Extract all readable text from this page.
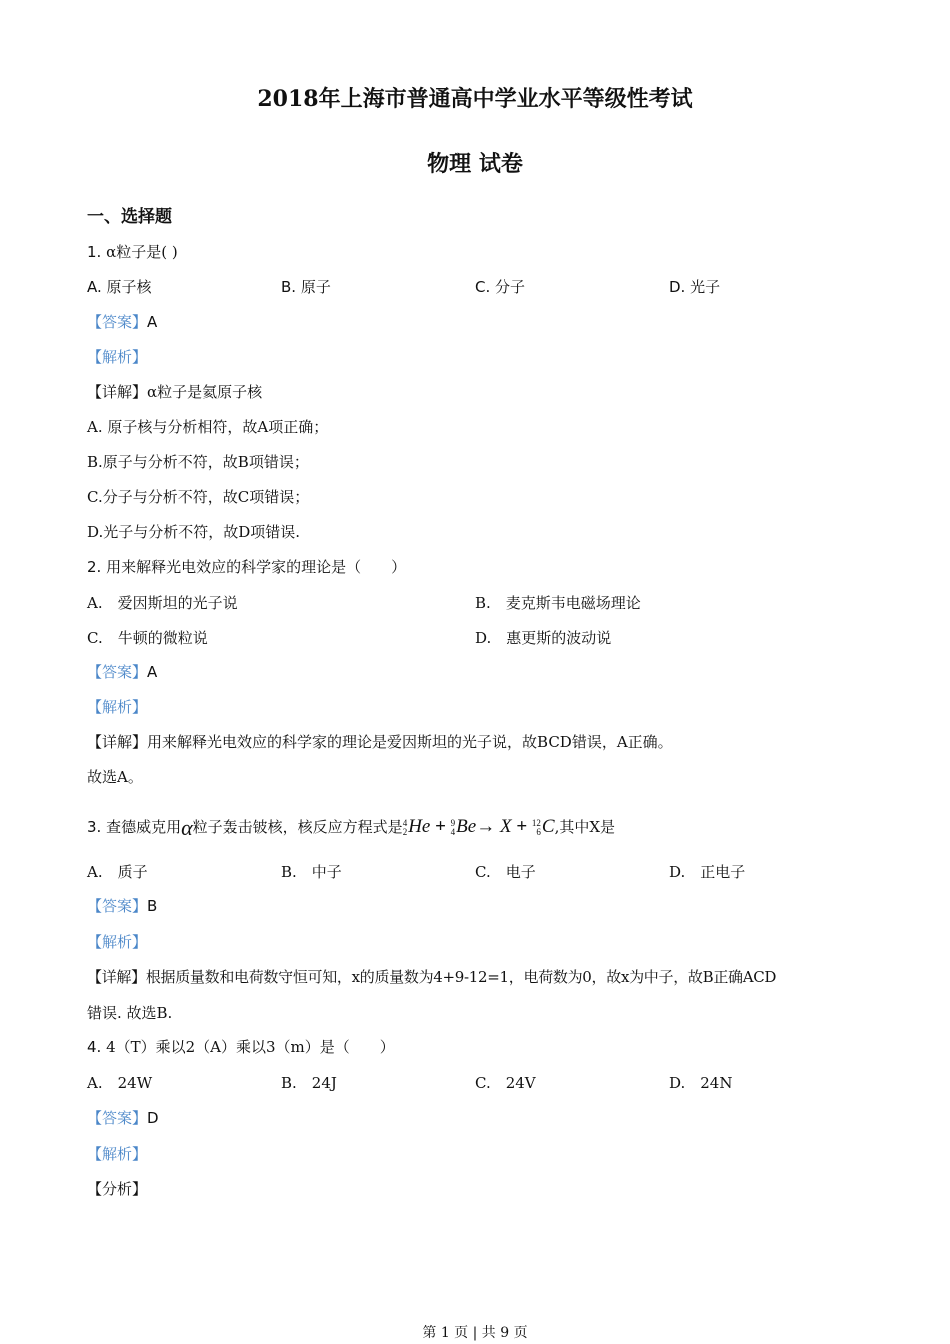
2018年上海市普通高中学业水平等级性考试
物理 试卷
一、选择题
1. α粒子是( )
A. 原子核	B. 原子	C. 分子	D. 光子
【答案】A
【解析】
【详解】α粒子是氦原子核
A. 原子核与分析相符，故A项正确；
B.原子与分析不符，故B项错误；
C.分子与分析不符，故C项错误；
D.光子与分析不符，故D项错误.
2. 用来解释光电效应的科学家的理论是（　　）
A.　爱因斯坦的光子说	B.　麦克斯韦电磁场理论
C.　牛顿的微粒说	D.　惠更斯的波动说
【答案】A
【解析】
【详解】用来解释光电效应的科学家的理论是爱因斯坦的光子说，故BCD错误，A正确。
故选A。
3. 查德威克用α粒子轰击铍核，核反应方程式是4
2He + 9
4Be→ X + 12
6C,其中X是
A.　质子	B.　中子	C.　电子	D.　正电子
【答案】B
【解析】
【详解】根据质量数和电荷数守恒可知，x的质量数为4+9-12=1，电荷数为0，故x为中子，故B正确ACD
错误. 故选B.
4. 4（T）乘以2（A）乘以3（m）是（　　）
A.　24W	B.　24J	C.　24V	D.　24N
【答案】D
【解析】
【分析】
第 1 页 | 共 9 页
